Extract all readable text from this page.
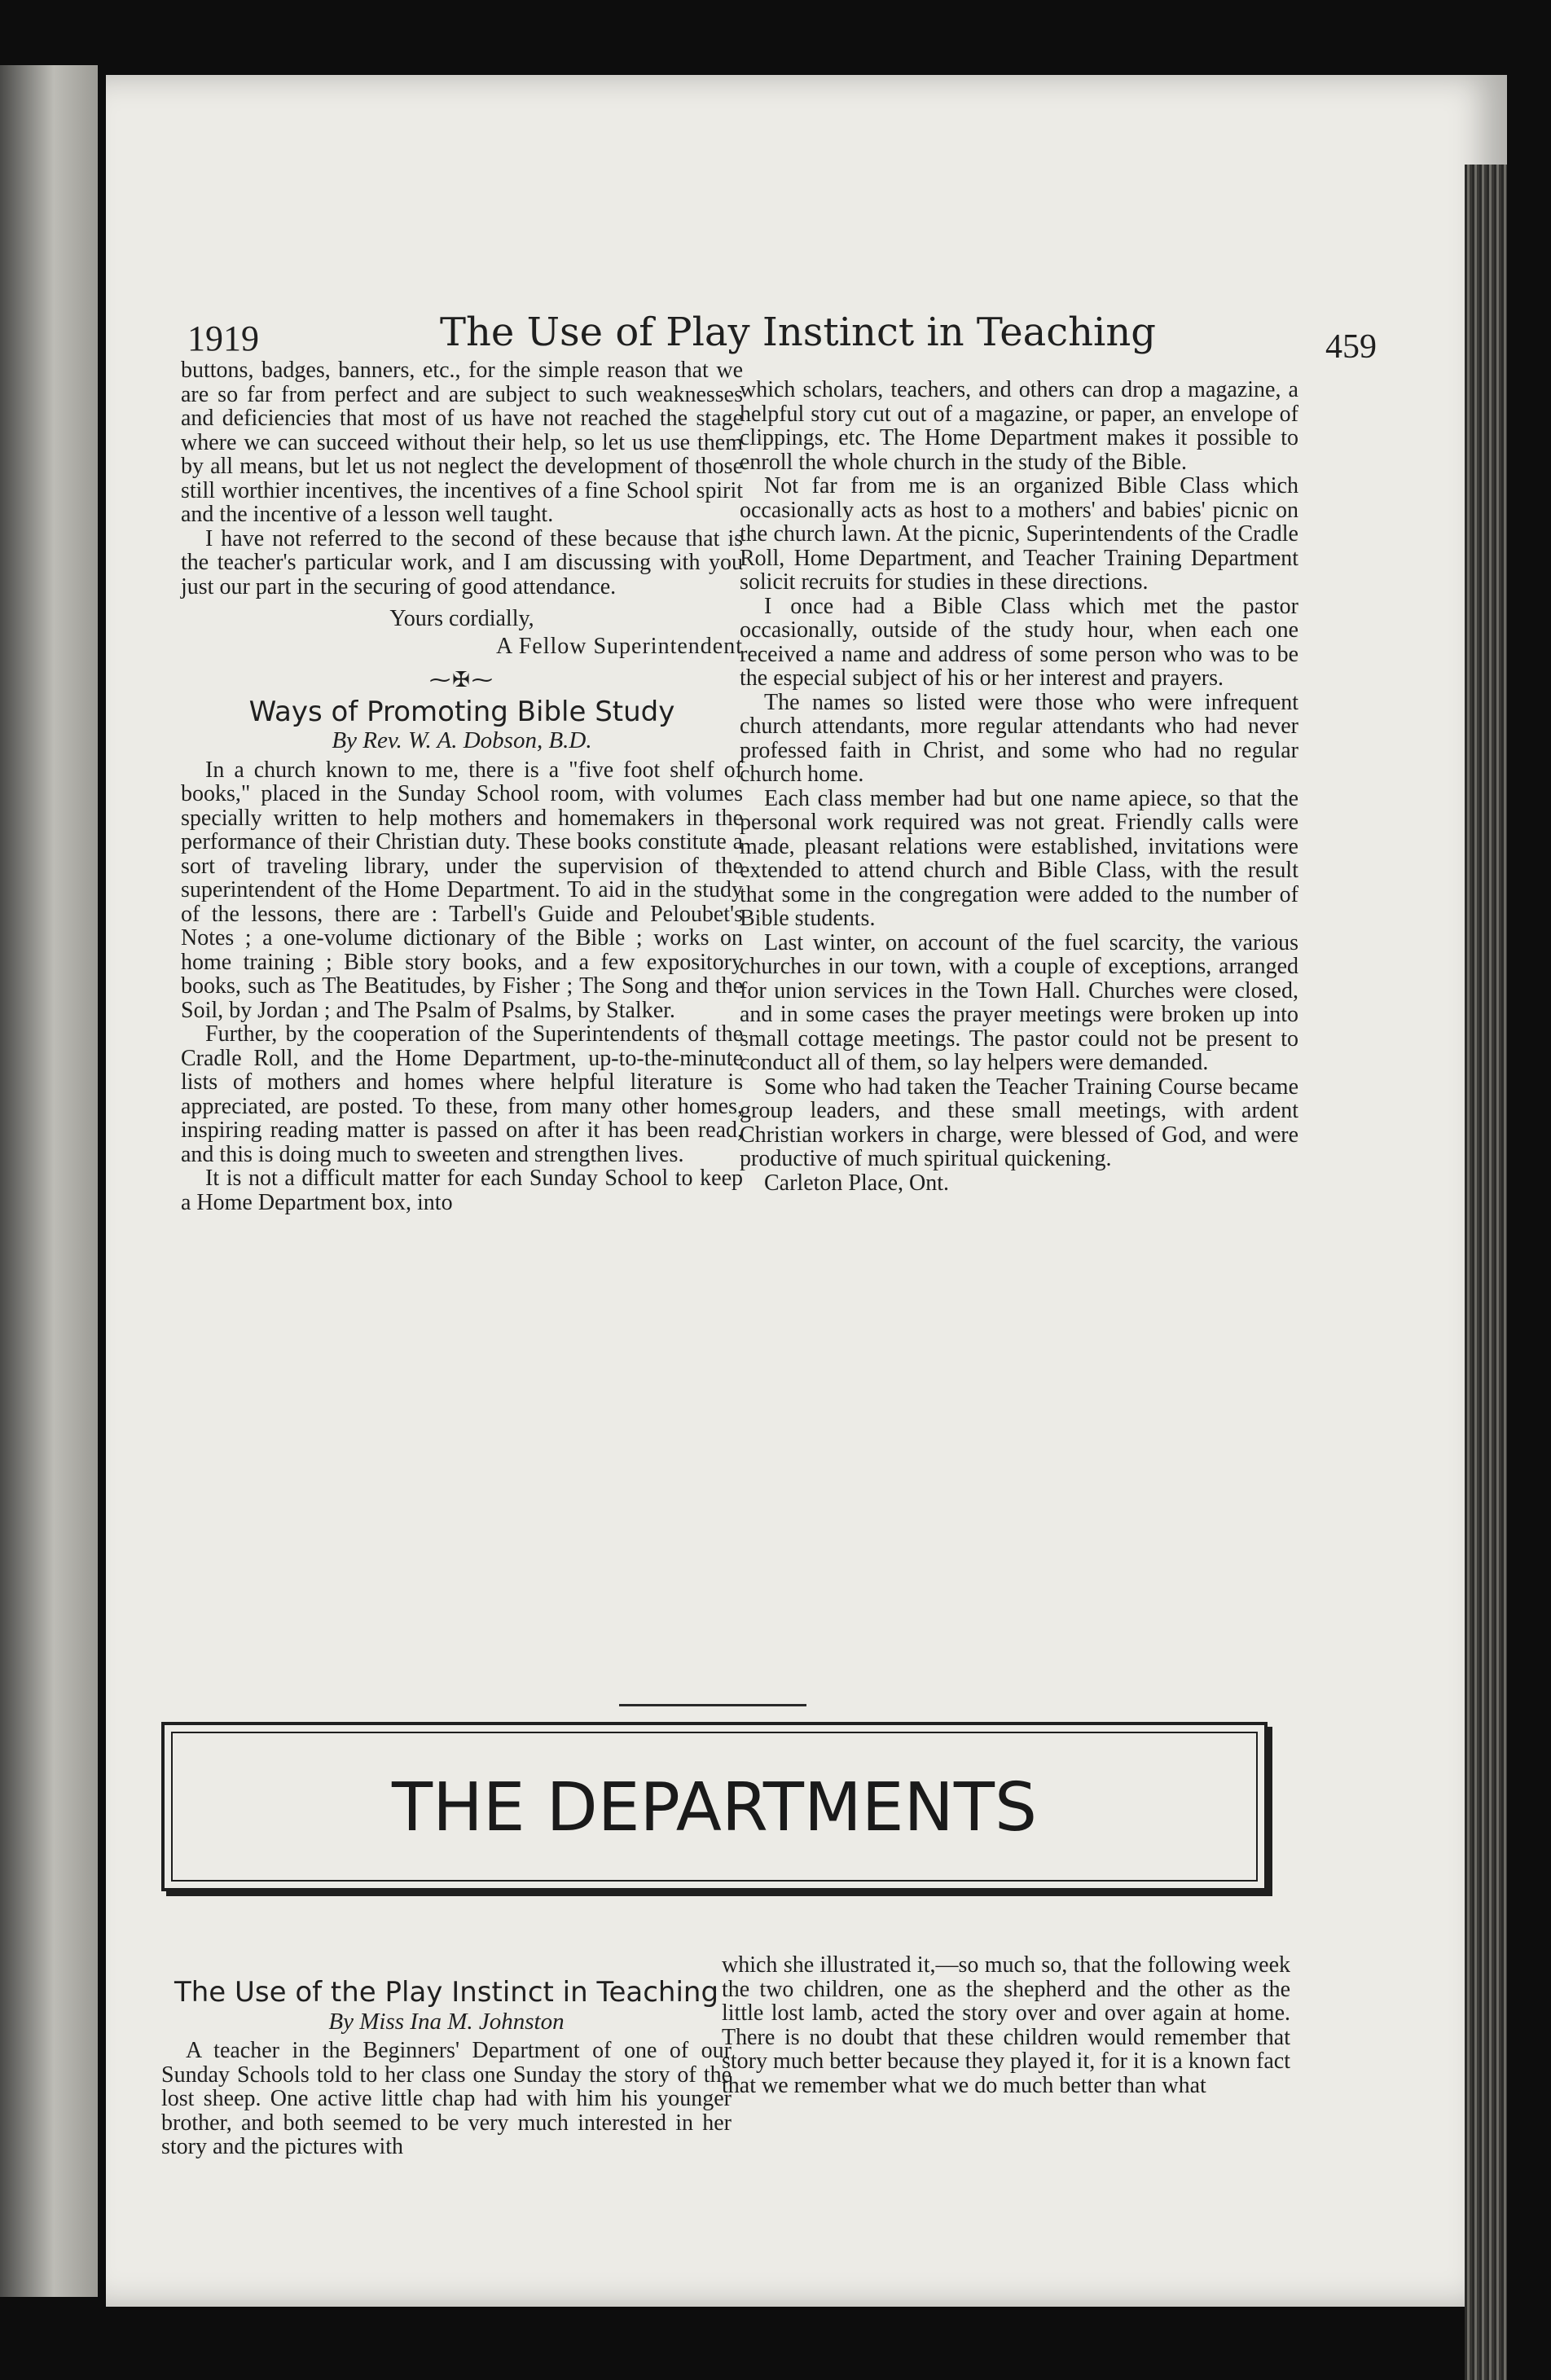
1919	The Use of Play Instinct in Teaching	459

buttons, badges, banners, etc., for the simple reason that we are so far from perfect and are subject to such weaknesses and deficiencies that most of us have not reached the stage where we can succeed without their help, so let us use them by all means, but let us not neglect the development of those still worthier incentives, the incentives of a fine School spirit and the incentive of a lesson well taught.

I have not referred to the second of these because that is the teacher's particular work, and I am discussing with you just our part in the securing of good attendance.

Yours cordially,

A Fellow Superintendent

⁓✠⁓
Ways of Promoting Bible Study
By Rev. W. A. Dobson, B.D.

In a church known to me, there is a "five foot shelf of books," placed in the Sunday School room, with volumes specially written to help mothers and homemakers in the performance of their Christian duty. These books constitute a sort of traveling library, under the supervision of the superintendent of the Home Department. To aid in the study of the lessons, there are : Tarbell's Guide and Peloubet's Notes ; a one-volume dictionary of the Bible ; works on home training ; Bible story books, and a few expository books, such as The Beatitudes, by Fisher ; The Song and the Soil, by Jordan ; and The Psalm of Psalms, by Stalker.

Further, by the cooperation of the Superintendents of the Cradle Roll, and the Home Department, up-to-the-minute lists of mothers and homes where helpful literature is appreciated, are posted. To these, from many other homes, inspiring reading matter is passed on after it has been read, and this is doing much to sweeten and strengthen lives.

It is not a difficult matter for each Sunday School to keep a Home Department box, into

which scholars, teachers, and others can drop a magazine, a helpful story cut out of a magazine, or paper, an envelope of clippings, etc. The Home Department makes it possible to enroll the whole church in the study of the Bible.

Not far from me is an organized Bible Class which occasionally acts as host to a mothers' and babies' picnic on the church lawn. At the picnic, Superintendents of the Cradle Roll, Home Department, and Teacher Training Department solicit recruits for studies in these directions.

I once had a Bible Class which met the pastor occasionally, outside of the study hour, when each one received a name and address of some person who was to be the especial subject of his or her interest and prayers.

The names so listed were those who were infrequent church attendants, more regular attendants who had never professed faith in Christ, and some who had no regular church home.

Each class member had but one name apiece, so that the personal work required was not great. Friendly calls were made, pleasant relations were established, invitations were extended to attend church and Bible Class, with the result that some in the congregation were added to the number of Bible students.

Last winter, on account of the fuel scarcity, the various churches in our town, with a couple of exceptions, arranged for union services in the Town Hall. Churches were closed, and in some cases the prayer meetings were broken up into small cottage meetings. The pastor could not be present to conduct all of them, so lay helpers were demanded.

Some who had taken the Teacher Training Course became group leaders, and these small meetings, with ardent Christian workers in charge, were blessed of God, and were productive of much spiritual quickening.

Carleton Place, Ont.

THE DEPARTMENTS
The Use of the Play Instinct in Teaching
By Miss Ina M. Johnston

A teacher in the Beginners' Department of one of our Sunday Schools told to her class one Sunday the story of the lost sheep. One active little chap had with him his younger brother, and both seemed to be very much interested in her story and the pictures with

which she illustrated it,—so much so, that the following week the two children, one as the shepherd and the other as the little lost lamb, acted the story over and over again at home. There is no doubt that these children would remember that story much better because they played it, for it is a known fact that we remember what we do much better than what
